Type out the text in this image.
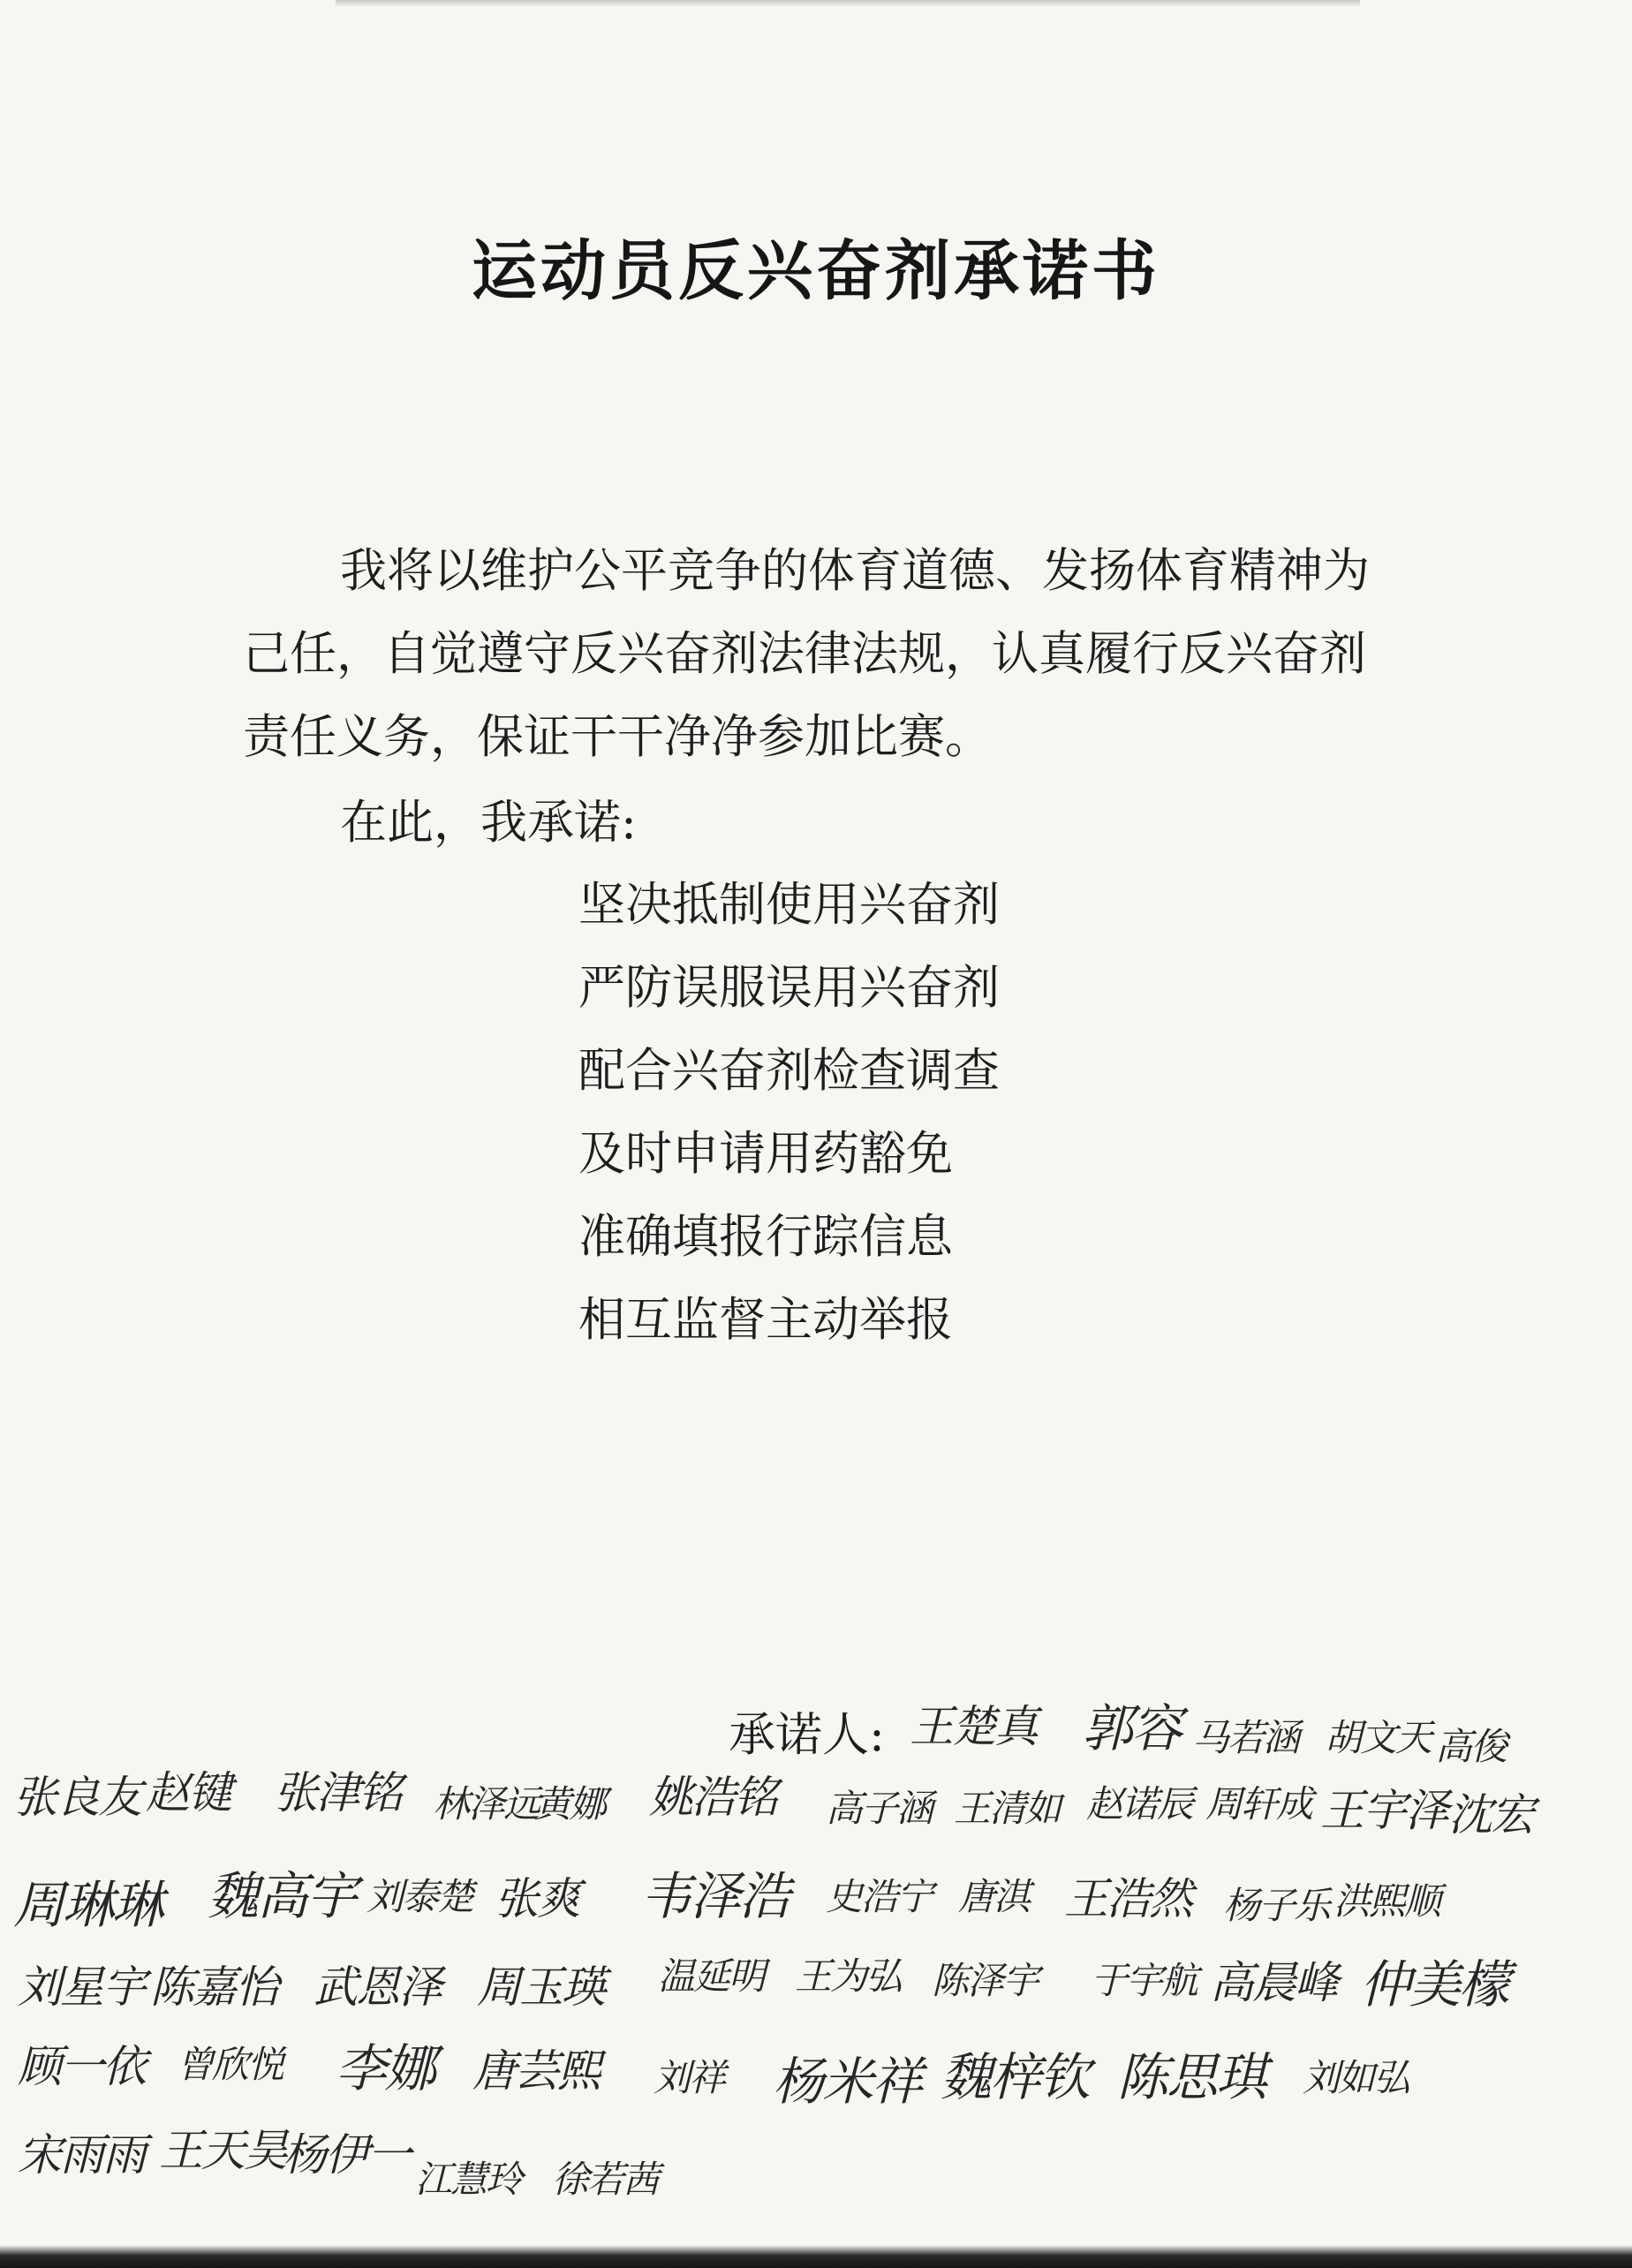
运动员反兴奋剂承诺书

我将以维护公平竞争的体育道德、发扬体育精神为己任，自觉遵守反兴奋剂法律法规，认真履行反兴奋剂责任义务，保证干干净净参加比赛。

在此，我承诺:

坚决抵制使用兴奋剂
严防误服误用兴奋剂
配合兴奋剂检查调查
及时申请用药豁免
准确填报行踪信息
相互监督主动举报
承诺人: 王楚真 郭容 马若涵 胡文天 高俊
张良友 赵键 张津铭 林泽远
黄娜 姚浩铭 高子涵 王清如 赵诺辰 周轩成 王宇泽 沈宏
周琳琳 魏高宇 刘泰楚 张爽 韦泽浩 史浩宁 唐淇 王浩然 杨子乐 洪熙顺
刘星宇 陈嘉怡 武恩泽 周玉瑛 温延明 王为弘 陈泽宇 于宇航 高晨峰 仲美檬
顾一依 曾欣悦 李娜 唐芸熙 刘祥 杨米祥 魏梓钦 陈思琪 刘如弘
宋雨雨 王天昊
杨伊一 江慧玲 徐若茜
